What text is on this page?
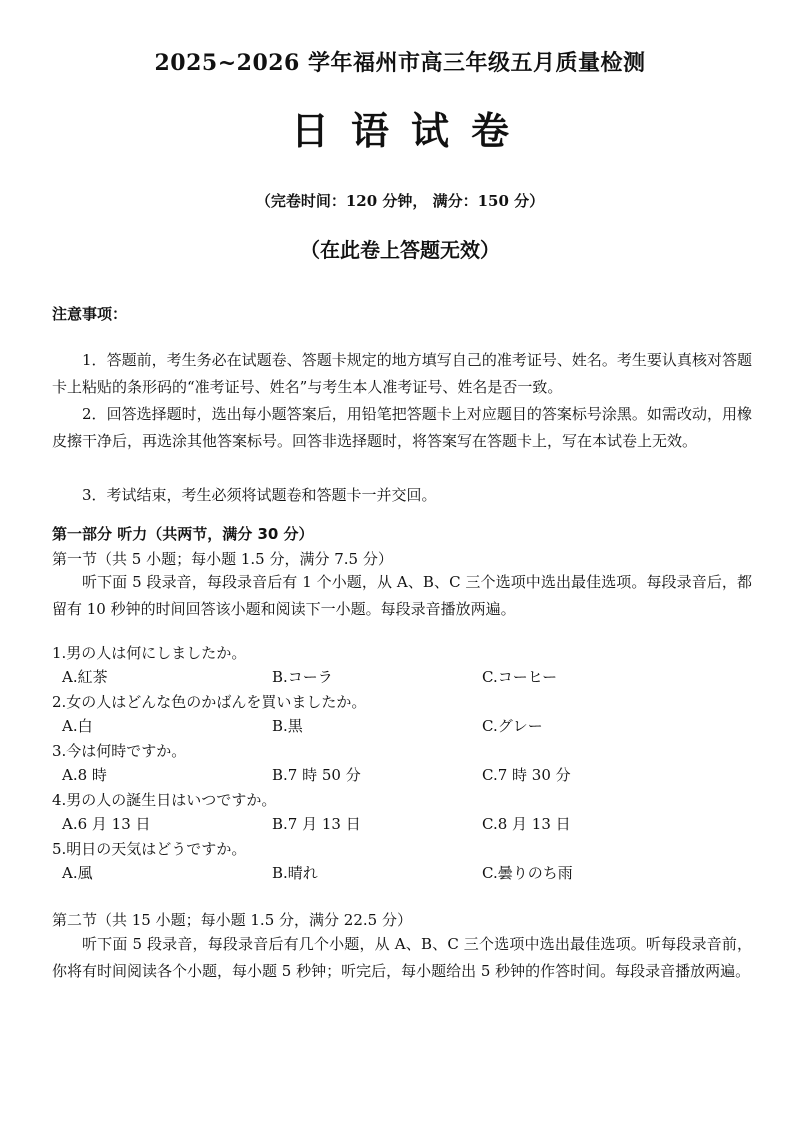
2025~2026 学年福州市高三年级五月质量检测
日语试卷
（完卷时间：120 分钟， 满分：150 分）
（在此卷上答题无效）
注意事项：
1．答题前，考生务必在试题卷、答题卡规定的地方填写自己的准考证号、姓名。考生要认真核对答题卡上粘贴的条形码的“准考证号、姓名”与考生本人准考证号、姓名是否一致。
2．回答选择题时，选出每小题答案后，用铅笔把答题卡上对应题目的答案标号涂黑。如需改动，用橡皮擦干净后，再选涂其他答案标号。回答非选择题时，将答案写在答题卡上，写在本试卷上无效。
3．考试结束，考生必须将试题卷和答题卡一并交回。
第一部分 听力（共两节，满分 30 分）
第一节（共 5 小题；每小题 1.5 分，满分 7.5 分）
听下面 5 段录音，每段录音后有 1 个小题，从 A、B、C 三个选项中选出最佳选项。每段录音后，都留有 10 秒钟的时间回答该小题和阅读下一小题。每段录音播放两遍。
1.男の人は何にしましたか。
A.紅茶	B.コーラ	C.コーヒー
2.女の人はどんな色のかばんを買いましたか。
A.白	B.黒	C.グレー
3.今は何時ですか。
A.8 時	B.7 時 50 分	C.7 時 30 分
4.男の人の誕生日はいつですか。
A.6 月 13 日	B.7 月 13 日	C.8 月 13 日
5.明日の天気はどうですか。
A.風	B.晴れ	C.曇りのち雨
第二节（共 15 小题；每小题 1.5 分，满分 22.5 分）
听下面 5 段录音，每段录音后有几个小题，从 A、B、C 三个选项中选出最佳选项。听每段录音前，你将有时间阅读各个小题，每小题 5 秒钟；听完后，每小题给出 5 秒钟的作答时间。每段录音播放两遍。
